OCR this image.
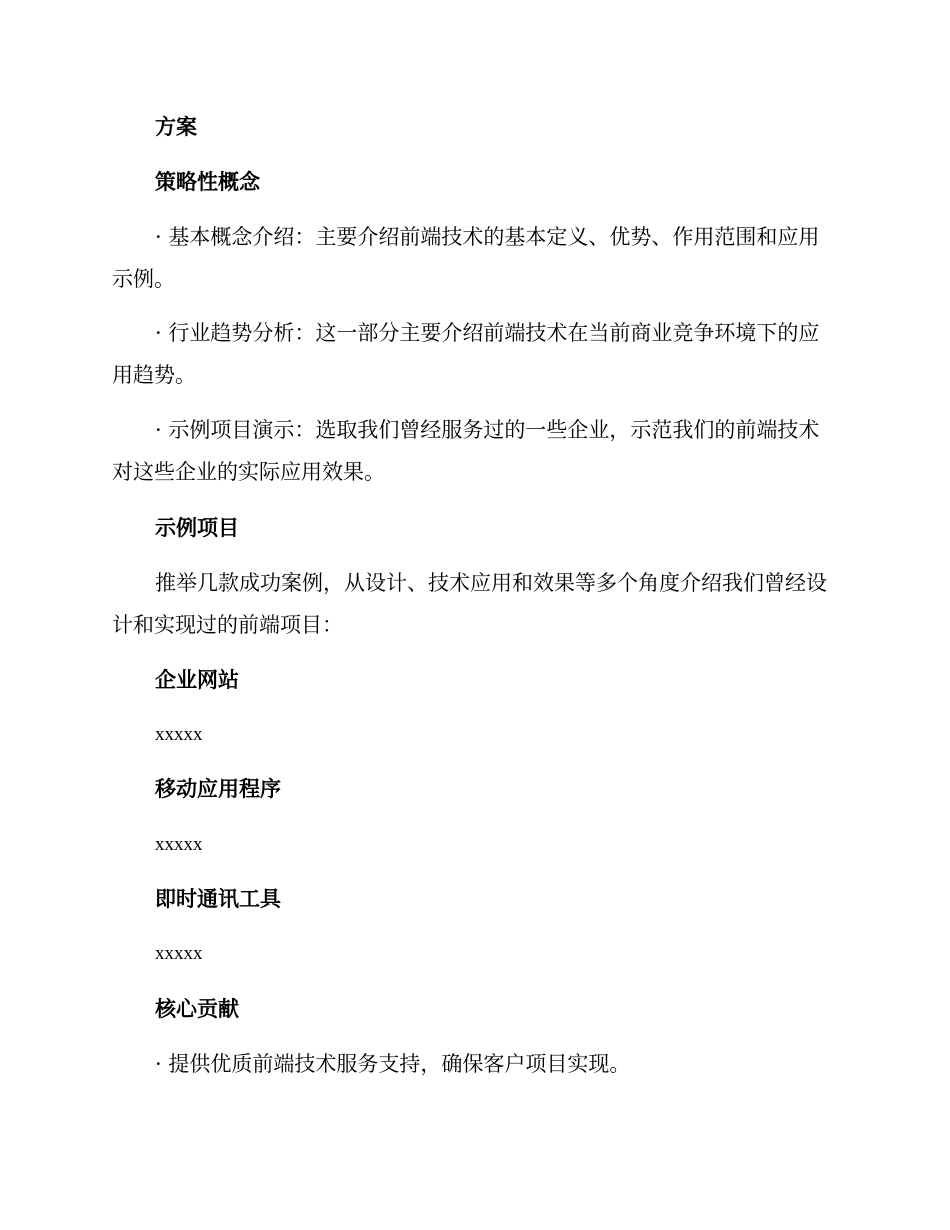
方案

策略性概念

· 基本概念介绍：主要介绍前端技术的基本定义、优势、作用范围和应用示例。

· 行业趋势分析：这一部分主要介绍前端技术在当前商业竞争环境下的应用趋势。

· 示例项目演示：选取我们曾经服务过的一些企业，示范我们的前端技术对这些企业的实际应用效果。

示例项目

推举几款成功案例，从设计、技术应用和效果等多个角度介绍我们曾经设计和实现过的前端项目：

企业网站

xxxxx

移动应用程序

xxxxx

即时通讯工具

xxxxx

核心贡献

· 提供优质前端技术服务支持，确保客户项目实现。
